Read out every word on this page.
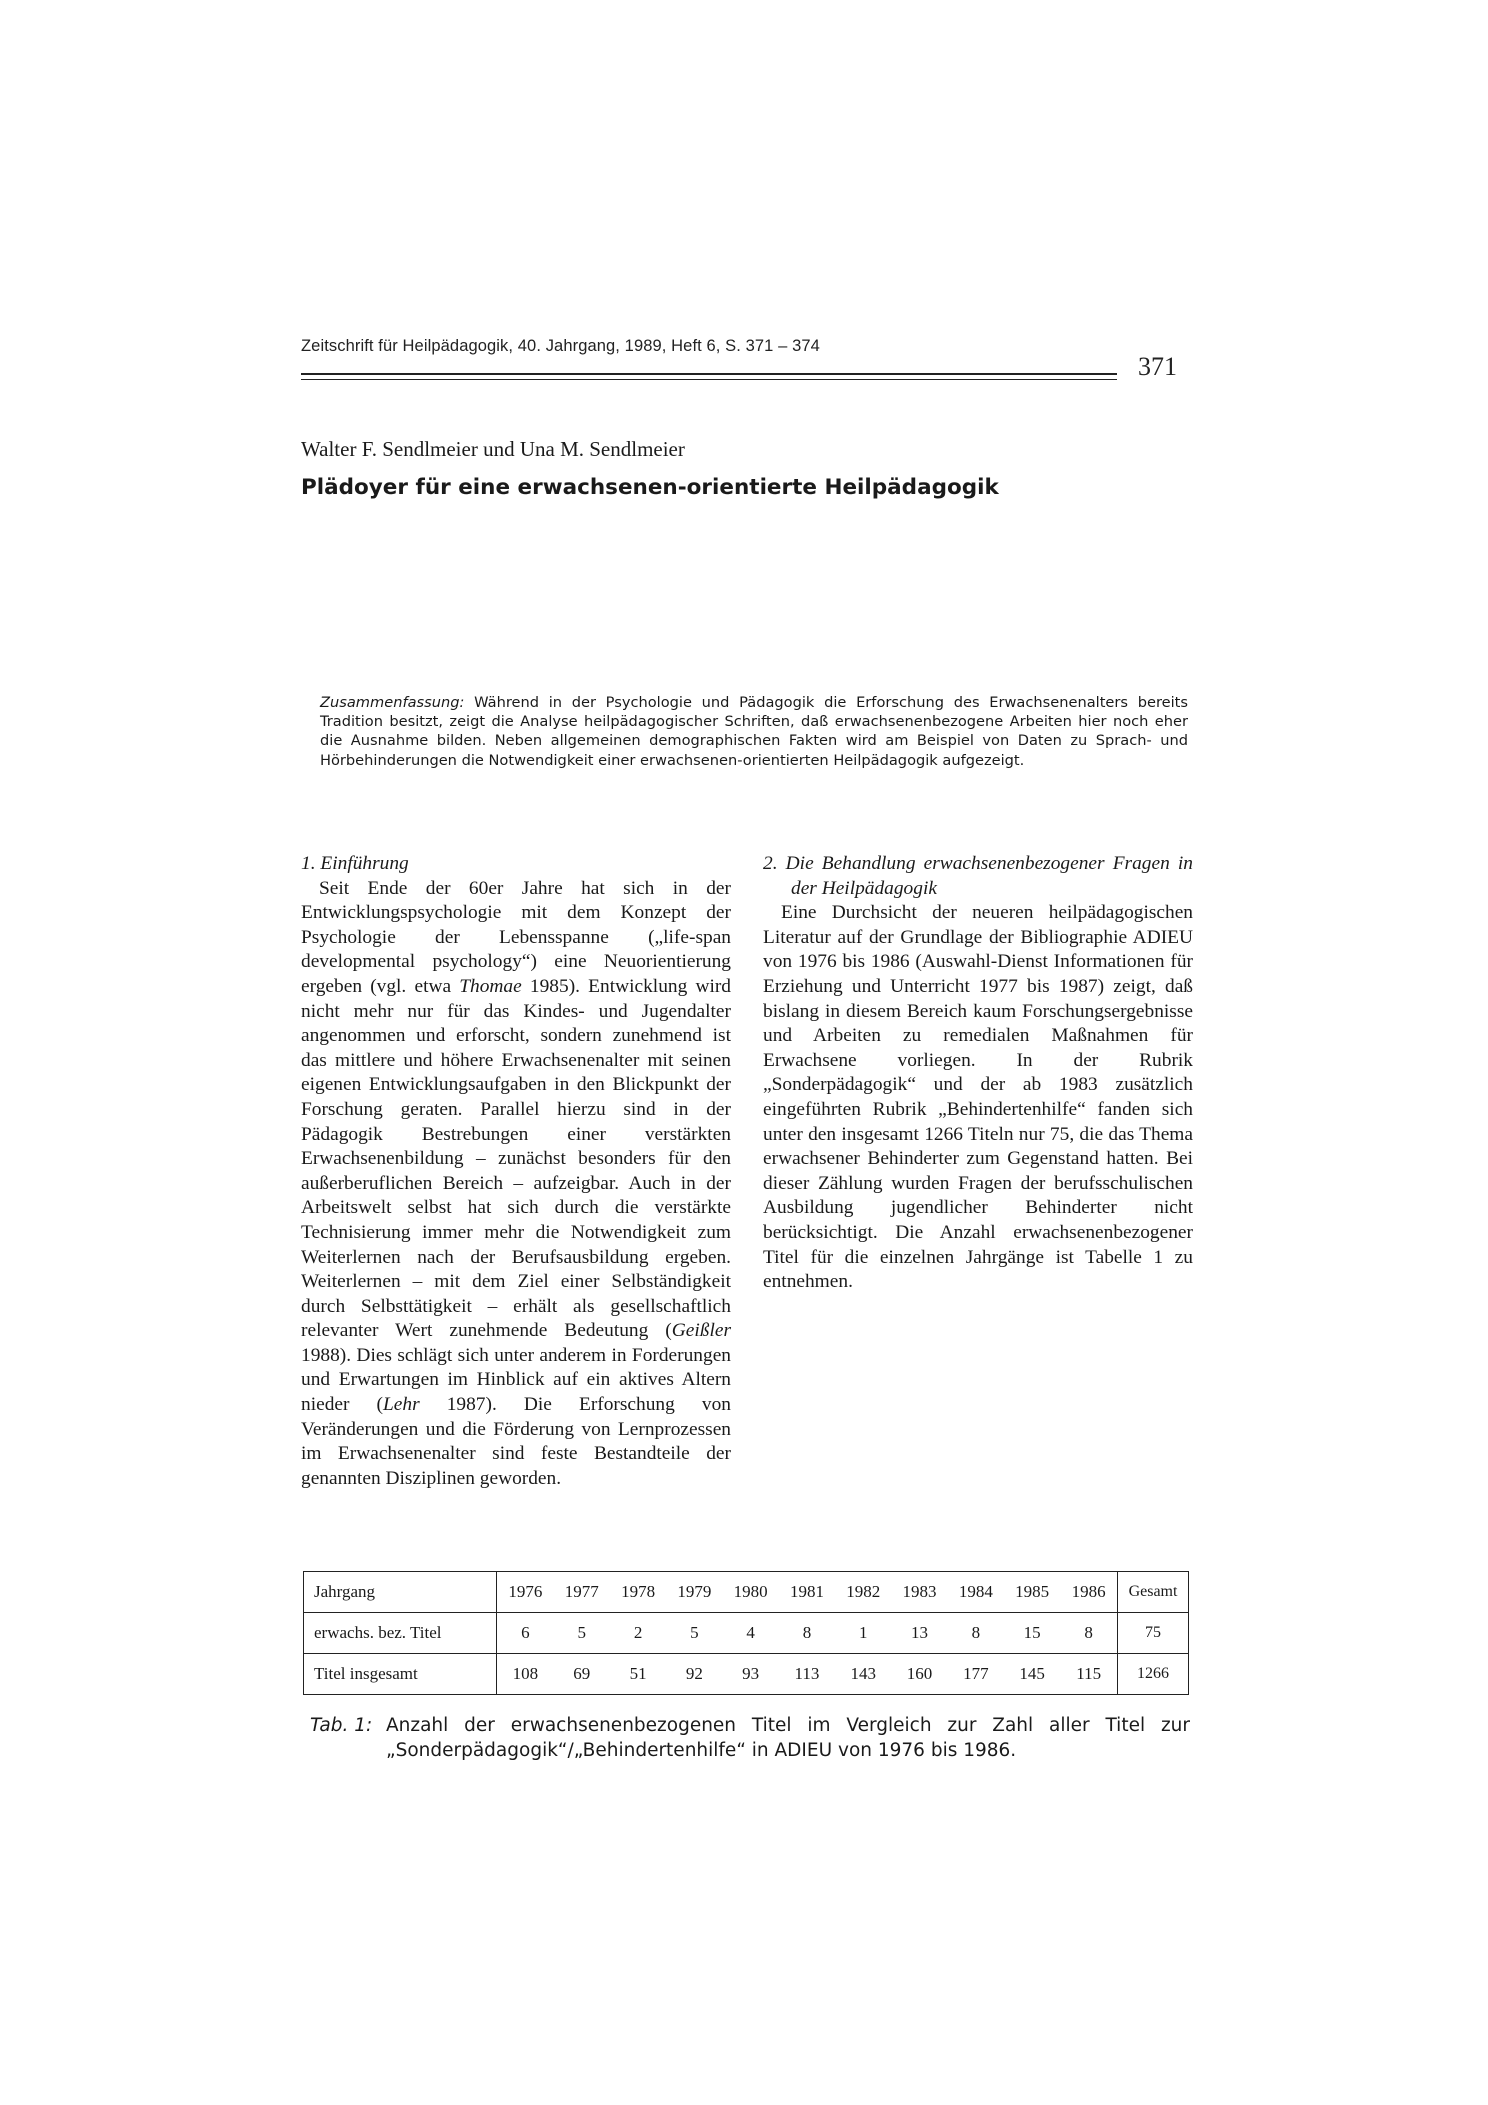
Zeitschrift für Heilpädagogik, 40. Jahrgang, 1989, Heft 6, S. 371 – 374
371
Walter F. Sendlmeier und Una M. Sendlmeier
Plädoyer für eine erwachsenen-orientierte Heilpädagogik
Zusammenfassung: Während in der Psychologie und Pädagogik die Erforschung des Erwachsenenalters bereits Tradition besitzt, zeigt die Analyse heilpädagogischer Schriften, daß erwachsenenbezogene Arbeiten hier noch eher die Ausnahme bilden. Neben allgemeinen demographischen Fakten wird am Beispiel von Daten zu Sprach- und Hörbehinderungen die Notwendigkeit einer erwachsenen-orientierten Heilpädagogik aufgezeigt.

1. Einführung

Seit Ende der 60er Jahre hat sich in der Entwicklungspsychologie mit dem Konzept der Psychologie der Lebensspanne („life-span developmental psychology“) eine Neuorientierung ergeben (vgl. etwa Thomae 1985). Entwicklung wird nicht mehr nur für das Kindes- und Jugendalter angenommen und erforscht, sondern zunehmend ist das mittlere und höhere Erwachsenenalter mit seinen eigenen Entwicklungsaufgaben in den Blickpunkt der Forschung geraten. Parallel hierzu sind in der Pädagogik Bestrebungen einer verstärkten Erwachsenenbildung – zunächst besonders für den außerberuflichen Bereich – aufzeigbar. Auch in der Arbeitswelt selbst hat sich durch die verstärkte Technisierung immer mehr die Notwendigkeit zum Weiterlernen nach der Berufsausbildung ergeben. Weiterlernen – mit dem Ziel einer Selbständigkeit durch Selbsttätigkeit – erhält als gesellschaftlich relevanter Wert zunehmende Bedeutung (Geißler 1988). Dies schlägt sich unter anderem in Forderungen und Erwartungen im Hinblick auf ein aktives Altern nieder (Lehr 1987). Die Erforschung von Veränderungen und die Förderung von Lernprozessen im Erwachsenenalter sind feste Bestandteile der genannten Disziplinen geworden.

2. Die Behandlung erwachsenenbezogener Fragen in der Heilpädagogik

Eine Durchsicht der neueren heilpädagogischen Literatur auf der Grundlage der Bibliographie ADIEU von 1976 bis 1986 (Auswahl-Dienst Informationen für Erziehung und Unterricht 1977 bis 1987) zeigt, daß bislang in diesem Bereich kaum Forschungsergebnisse und Arbeiten zu remedialen Maßnahmen für Erwachsene vorliegen. In der Rubrik „Sonderpädagogik“ und der ab 1983 zusätzlich eingeführten Rubrik „Behindertenhilfe“ fanden sich unter den insgesamt 1266 Titeln nur 75, die das Thema erwachsener Behinderter zum Gegenstand hatten. Bei dieser Zählung wurden Fragen der berufsschulischen Ausbildung jugendlicher Behinderter nicht berücksichtigt. Die Anzahl erwachsenenbezogener Titel für die einzelnen Jahrgänge ist Tabelle 1 zu entnehmen.

Jahrgang	1976	1977	1978	1979	1980	1981	1982	1983	1984	1985	1986	Gesamt
erwachs. bez. Titel	6	5	2	5	4	8	1	13	8	15	8	75
Titel insgesamt	108	69	51	92	93	113	143	160	177	145	115	1266
Tab. 1: Anzahl der erwachsenenbezogenen Titel im Vergleich zur Zahl aller Titel zur
„Sonderpädagogik“/„Behindertenhilfe“ in ADIEU von 1976 bis 1986.
